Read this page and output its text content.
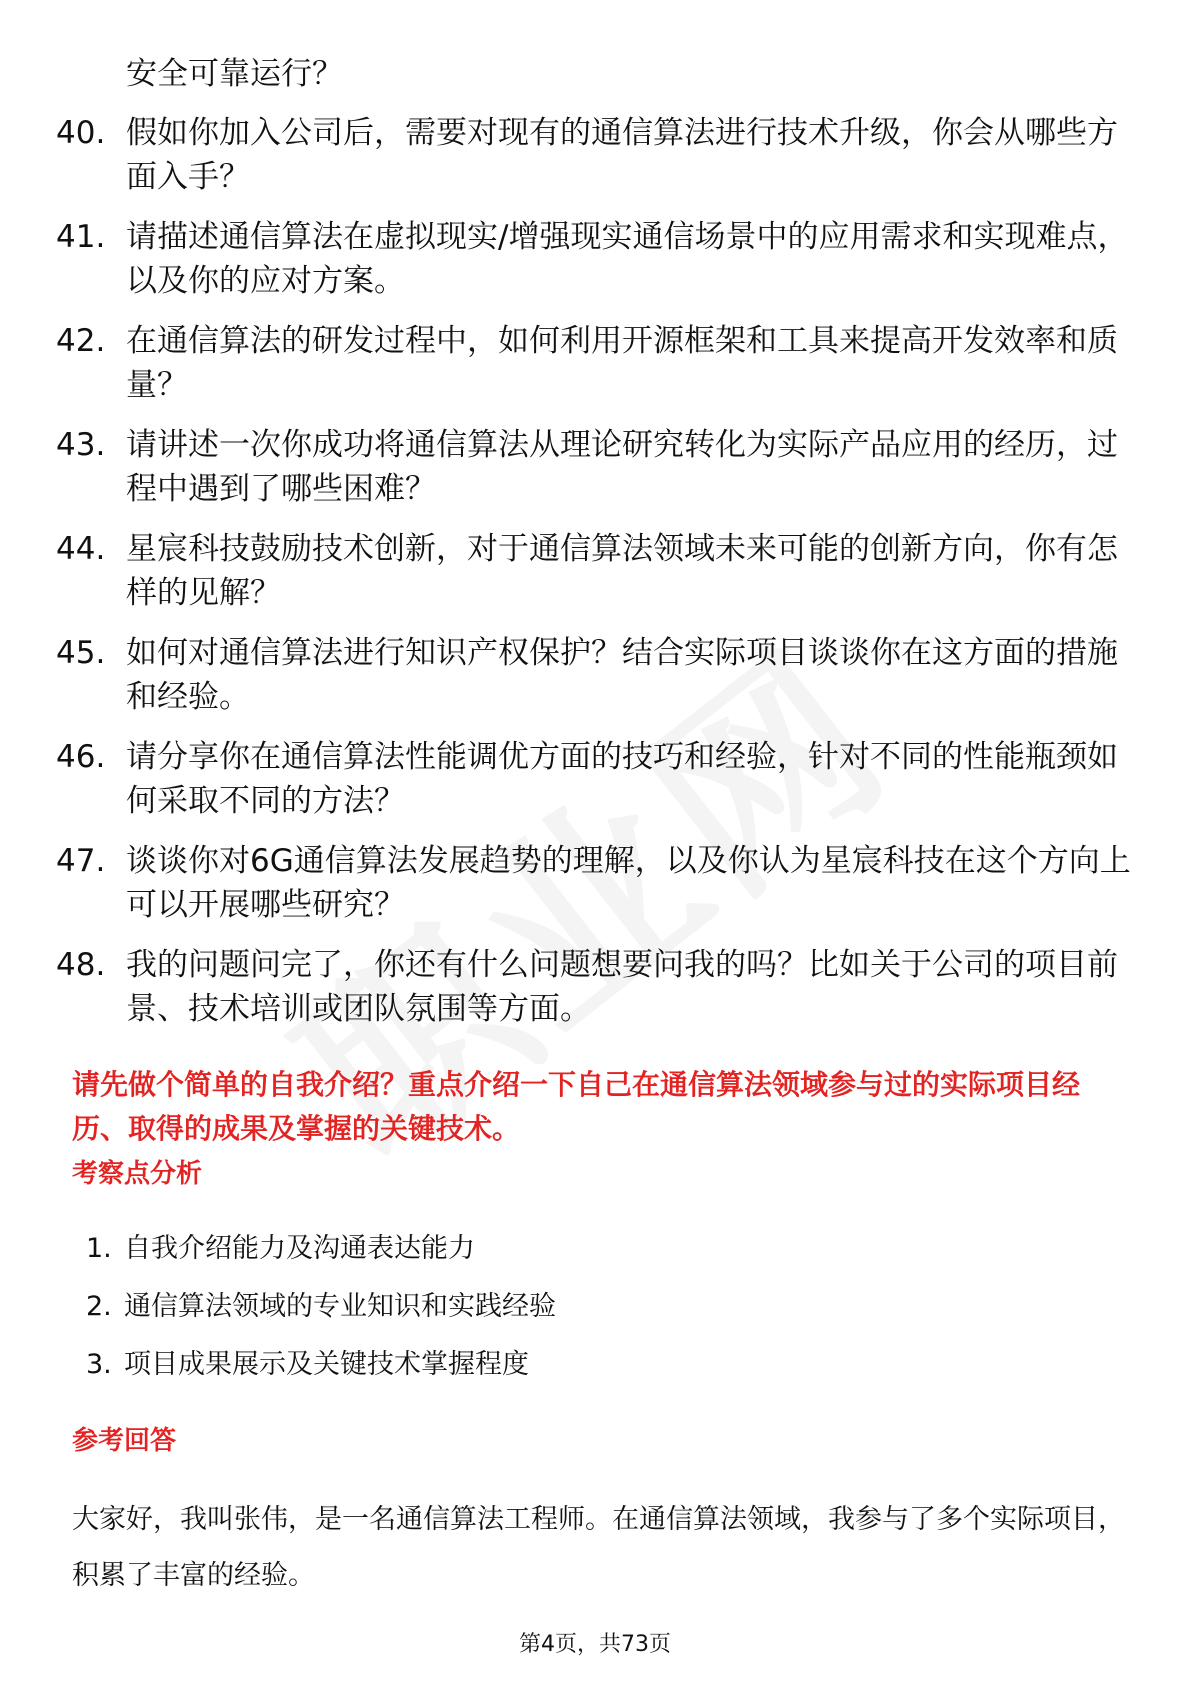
安全可靠运行？
40. 假如你加入公司后，需要对现有的通信算法进行技术升级，你会从哪些方面入手？
41. 请描述通信算法在虚拟现实/增强现实通信场景中的应用需求和实现难点，以及你的应对方案。
42. 在通信算法的研发过程中，如何利用开源框架和工具来提高开发效率和质量？
43. 请讲述一次你成功将通信算法从理论研究转化为实际产品应用的经历，过程中遇到了哪些困难？
44. 星宸科技鼓励技术创新，对于通信算法领域未来可能的创新方向，你有怎样的见解？
45. 如何对通信算法进行知识产权保护？结合实际项目谈谈你在这方面的措施和经验。
46. 请分享你在通信算法性能调优方面的技巧和经验，针对不同的性能瓶颈如何采取不同的方法？
47. 谈谈你对6G通信算法发展趋势的理解，以及你认为星宸科技在这个方向上可以开展哪些研究？
48. 我的问题问完了，你还有什么问题想要问我的吗？比如关于公司的项目前景、技术培训或团队氛围等方面。
请先做个简单的自我介绍？重点介绍一下自己在通信算法领域参与过的实际项目经历、取得的成果及掌握的关键技术。
考察点分析
1. 自我介绍能力及沟通表达能力
2. 通信算法领域的专业知识和实践经验
3. 项目成果展示及关键技术掌握程度
参考回答
大家好，我叫张伟，是一名通信算法工程师。在通信算法领域，我参与了多个实际项目，积累了丰富的经验。
第4页，共73页
